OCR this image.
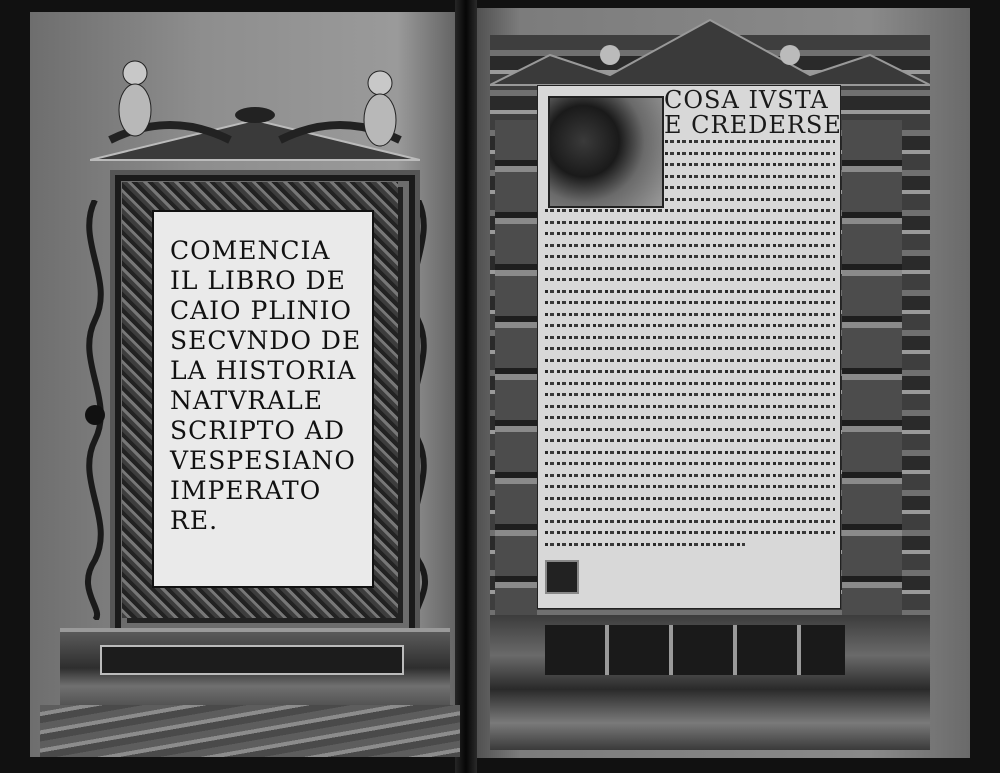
COMENCIA
IL LIBRO DE
CAIO PLINIO
SECVNDO DE
LA HISTORIA
NATVRALE
SCRIPTO AD
VESPESIANO
IMPERATO
RE.
COSA IVSTA
E CREDERSE
